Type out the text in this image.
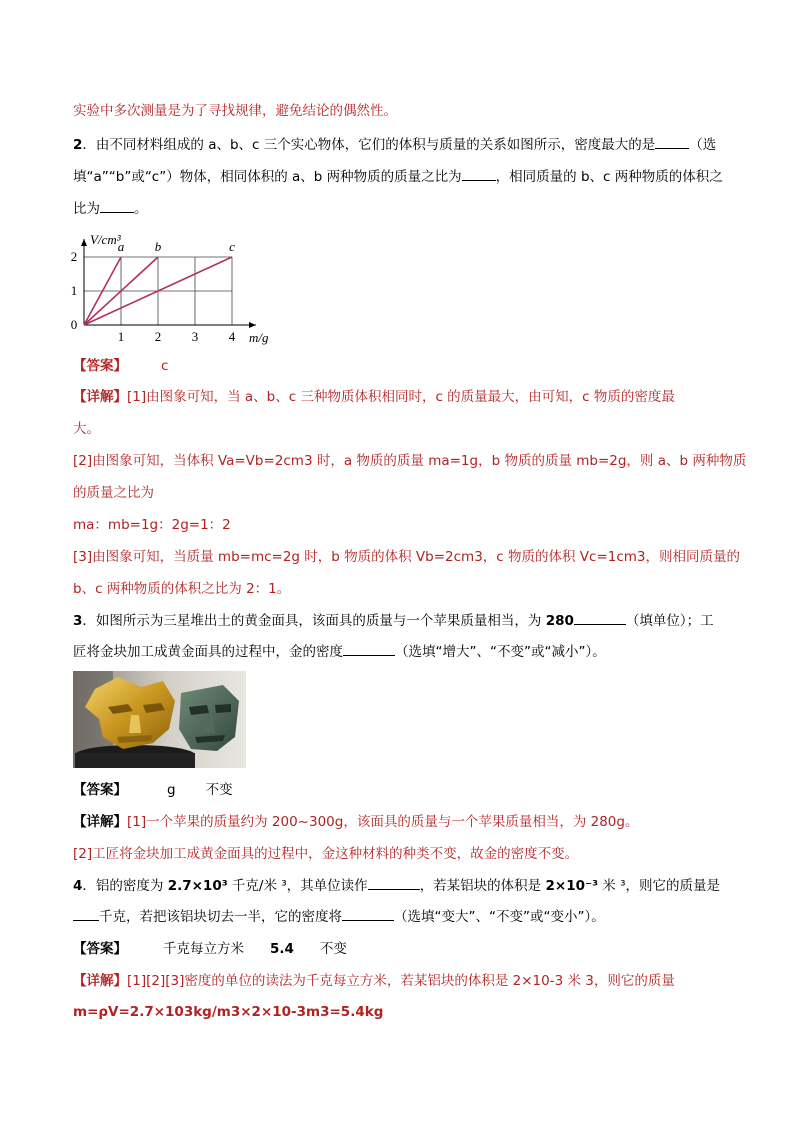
实验中多次测量是为了寻找规律，避免结论的偶然性。
2．由不同材料组成的 a、b、c 三个实心物体，它们的体积与质量的关系如图所示，密度最大的是	（选
填“a”“b”或“c”）物体，相同体积的 a、b 两种物质的质量之比为	，相同质量的 b、c 两种物质的体积之
比为	。
a b	c
1 2 3 4
1
2
0
m/g
V/cm³
【答案】	c
【详解】[1]由图象可知，当 a、b、c 三种物质体积相同时，c 的质量最大，由可知，c 物质的密度最
大。
[2]由图象可知，当体积 Va=Vb=2cm3 时，a 物质的质量 ma=1g，b 物质的质量 mb=2g，则 a、b 两种物质
的质量之比为
ma：mb=1g：2g=1：2
[3]由图象可知，当质量 mb=mc=2g 时，b 物质的体积 Vb=2cm3，c 物质的体积 Vc=1cm3，则相同质量的
b、c 两种物质的体积之比为 2：1。
3．如图所示为三星堆出土的黄金面具，该面具的质量与一个苹果质量相当，为 280	（填单位）；工
匠将金块加工成黄金面具的过程中，金的密度	（选填“增大”、“不变”或“减小”）。
【答案】	g 不变
【详解】[1]一个苹果的质量约为 200~300g，该面具的质量与一个苹果质量相当，为 280g。
[2]工匠将金块加工成黄金面具的过程中，金这种材料的种类不变，故金的密度不变。
4．铝的密度为 2.7×10³ 千克/米 ³，其单位读作	，若某铝块的体积是 2×10⁻³ 米 ³，则它的质量是
千克，若把该铝块切去一半，它的密度将	（选填“变大”、“不变”或“变小”）。
【答案】	千克每立方米 5.4 不变
【详解】[1][2][3]密度的单位的读法为千克每立方米，若某铝块的体积是 2×10-3 米 3，则它的质量
m=ρV=2.7×103kg/m3×2×10-3m3=5.4kg
